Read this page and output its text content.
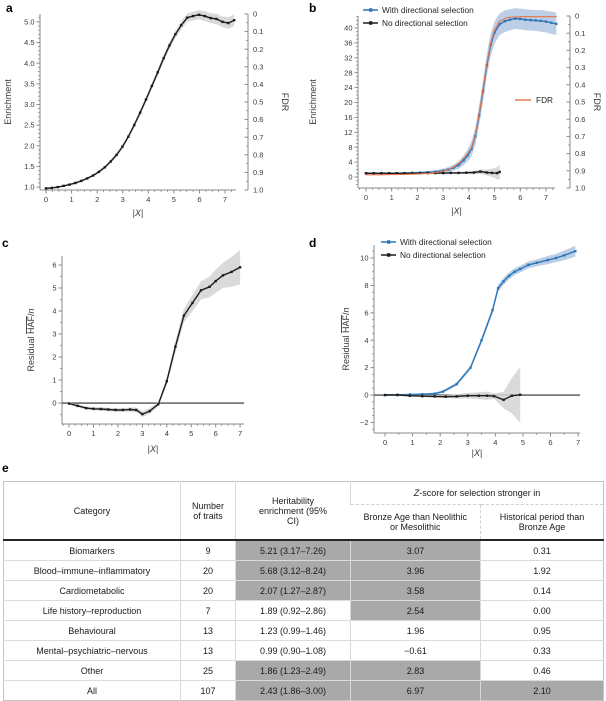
a	b
c	d
e
0	1	2	3	4	5	6	7
1.0
1.5
2.0
2.5
3.0
3.5
4.0
4.5
5.0
0
0.1
0.2
0.3
0.4
0.5
0.6
0.7
0.8
0.9
1.0
FDR
|X|
Enrichment
0	1	2	3	4	5	6	7
0
4
8
12
16
20
24
28
32
36
40
0
0.1
0.2
0.3
0.4
0.5
0.6
0.7
0.8
0.9
1.0
FDR
|X|
Enrichment
With directional selection
No directional selection
FDR
0	1	2	3	4	5	6	7
0
1
2
3
4
5
6
|X|
Residual HAF/n
0	1	2	3	4	5	6	7
−2
0
2
4
6
8
10
|X|
Residual HAF/n
With directional selection
No directional selection
Category	Number of traits	Heritability enrichment (95% CI)	Z-score for selection stronger in	
			Bronze Age than Neolithic or Mesolithic	Historical period than Bronze Age
Biomarkers	9	5.21 (3.17–7.26)	3.07	0.31
Blood–immune–inflammatory	20	5.68 (3.12–8.24)	3.96	1.92
Cardiometabolic	20	2.07 (1.27–2.87)	3.58	0.14
Life history–reproduction	7	1.89 (0.92–2.86)	2.54	0.00
Behavioural	13	1.23 (0.99–1.46)	1.96	0.95
Mental–psychiatric–nervous	13	0.99 (0.90–1.08)	−0.61	0.33
Other	25	1.86 (1.23–2.49)	2.83	0.46
All	107	2.43 (1.86–3.00)	6.97	2.10
